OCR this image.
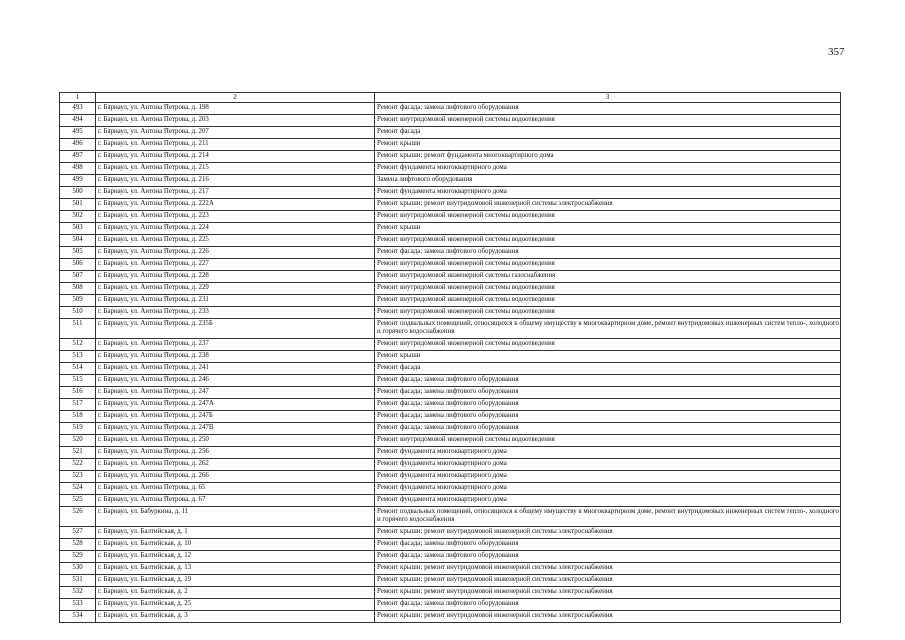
357
1	2	3
493	г. Барнаул, ул. Антона Петрова, д. 198	Ремонт фасада; замена лифтового оборудования
494	г. Барнаул, ул. Антона Петрова, д. 203	Ремонт внутридомовой инженерной системы водоотведения
495	г. Барнаул, ул. Антона Петрова, д. 207	Ремонт фасада
496	г. Барнаул, ул. Антона Петрова, д. 211	Ремонт крыши
497	г. Барнаул, ул. Антона Петрова, д. 214	Ремонт крыши; ремонт фундамента многоквартирного дома
498	г. Барнаул, ул. Антона Петрова, д. 215	Ремонт фундамента многоквартирного дома
499	г. Барнаул, ул. Антона Петрова, д. 216	Замена лифтового оборудования
500	г. Барнаул, ул. Антона Петрова, д. 217	Ремонт фундамента многоквартирного дома
501	г. Барнаул, ул. Антона Петрова, д. 222А	Ремонт крыши; ремонт внутридомовой инженерной системы электроснабжения
502	г. Барнаул, ул. Антона Петрова, д. 223	Ремонт внутридомовой инженерной системы водоотведения
503	г. Барнаул, ул. Антона Петрова, д. 224	Ремонт крыши
504	г. Барнаул, ул. Антона Петрова, д. 225	Ремонт внутридомовой инженерной системы водоотведения
505	г. Барнаул, ул. Антона Петрова, д. 226	Ремонт фасада; замена лифтового оборудования
506	г. Барнаул, ул. Антона Петрова, д. 227	Ремонт внутридомовой инженерной системы водоотведения
507	г. Барнаул, ул. Антона Петрова, д. 228	Ремонт внутридомовой инженерной системы газоснабжения
508	г. Барнаул, ул. Антона Петрова, д. 229	Ремонт внутридомовой инженерной системы водоотведения
509	г. Барнаул, ул. Антона Петрова, д. 231	Ремонт внутридомовой инженерной системы водоотведения
510	г. Барнаул, ул. Антона Петрова, д. 233	Ремонт внутридомовой инженерной системы водоотведения
511	г. Барнаул, ул. Антона Петрова, д. 235Б	Ремонт подвальных помещений, относящихся к общему имуществу в многоквартирном доме, ремонт внутридомовых инженерных систем тепло-, холодного и горячего водоснабжения
512	г. Барнаул, ул. Антона Петрова, д. 237	Ремонт внутридомовой инженерной системы водоотведения
513	г. Барнаул, ул. Антона Петрова, д. 238	Ремонт крыши
514	г. Барнаул, ул. Антона Петрова, д. 241	Ремонт фасада
515	г. Барнаул, ул. Антона Петрова, д. 246	Ремонт фасада; замена лифтового оборудования
516	г. Барнаул, ул. Антона Петрова, д. 247	Ремонт фасада; замена лифтового оборудования
517	г. Барнаул, ул. Антона Петрова, д. 247А	Ремонт фасада; замена лифтового оборудования
518	г. Барнаул, ул. Антона Петрова, д. 247Б	Ремонт фасада; замена лифтового оборудования
519	г. Барнаул, ул. Антона Петрова, д. 247В	Ремонт фасада; замена лифтового оборудования
520	г. Барнаул, ул. Антона Петрова, д. 250	Ремонт внутридомовой инженерной системы водоотведения
521	г. Барнаул, ул. Антона Петрова, д. 256	Ремонт фундамента многоквартирного дома
522	г. Барнаул, ул. Антона Петрова, д. 262	Ремонт фундамента многоквартирного дома
523	г. Барнаул, ул. Антона Петрова, д. 266	Ремонт фундамента многоквартирного дома
524	г. Барнаул, ул. Антона Петрова, д. 65	Ремонт фундамента многоквартирного дома
525	г. Барнаул, ул. Антона Петрова, д. 67	Ремонт фундамента многоквартирного дома
526	г. Барнаул, ул. Бабуркина, д. 11	Ремонт подвальных помещений, относящихся к общему имуществу в многоквартирном доме, ремонт внутридомовых инженерных систем тепло-, холодного и горячего водоснабжения
527	г. Барнаул, ул. Балтийская, д. 1	Ремонт крыши; ремонт внутридомовой инженерной системы электроснабжения
528	г. Барнаул, ул. Балтийская, д. 10	Ремонт фасада; замена лифтового оборудования
529	г. Барнаул, ул. Балтийская, д. 12	Ремонт фасада; замена лифтового оборудования
530	г. Барнаул, ул. Балтийская, д. 13	Ремонт крыши; ремонт внутридомовой инженерной системы электроснабжения
531	г. Барнаул, ул. Балтийская, д. 19	Ремонт крыши; ремонт внутридомовой инженерной системы электроснабжения
532	г. Барнаул, ул. Балтийская, д. 2	Ремонт крыши; ремонт внутридомовой инженерной системы электроснабжения
533	г. Барнаул, ул. Балтийская, д. 25	Ремонт фасада; замена лифтового оборудования
534	г. Барнаул, ул. Балтийская, д. 3	Ремонт крыши; ремонт внутридомовой инженерной системы электроснабжения
